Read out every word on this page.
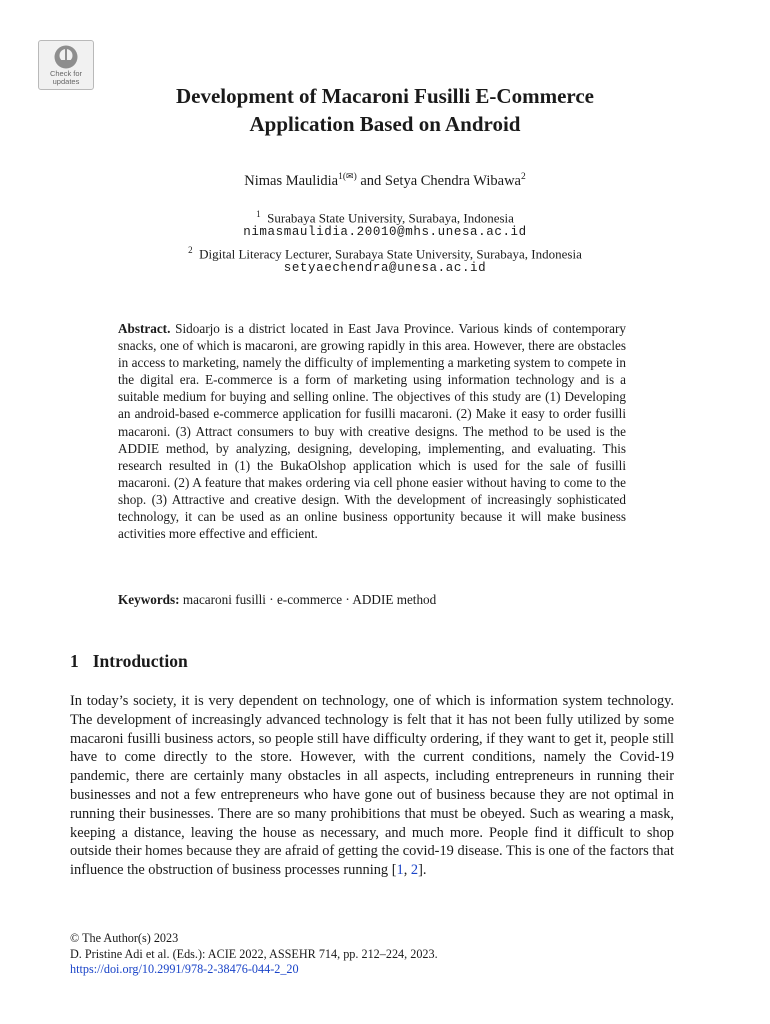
Check for
updates
Development of Macaroni Fusilli E-Commerce
Application Based on Android
Nimas Maulidia$^{1(✉)}$ and Setya Chendra Wibawa$^2$
$^1$ Surabaya State University, Surabaya, Indonesia
nimasmaulidia.20010@mhs.unesa.ac.id
$^2$ Digital Literacy Lecturer, Surabaya State University, Surabaya, Indonesia
setyaechendra@unesa.ac.id
Abstract. Sidoarjo is a district located in East Java Province. Various kinds of contemporary snacks, one of which is macaroni, are growing rapidly in this area. However, there are obstacles in access to marketing, namely the difficulty of implementing a marketing system to compete in the digital era. E-commerce is a form of marketing using information technology and is a suitable medium for buying and selling online. The objectives of this study are (1) Developing an android-based e-commerce application for fusilli macaroni. (2) Make it easy to order fusilli macaroni. (3) Attract consumers to buy with creative designs. The method to be used is the ADDIE method, by analyzing, designing, developing, implementing, and evaluating. This research resulted in (1) the BukaOlshop application which is used for the sale of fusilli macaroni. (2) A feature that makes ordering via cell phone easier without having to come to the shop. (3) Attractive and creative design. With the development of increasingly sophisticated technology, it can be used as an online business opportunity because it will make business activities more effective and efficient.
Keywords: macaroni fusilli · e-commerce · ADDIE method
1 Introduction
In today’s society, it is very dependent on technology, one of which is information system technology. The development of increasingly advanced technology is felt that it has not been fully utilized by some macaroni fusilli business actors, so people still have difficulty ordering, if they want to get it, people still have to come directly to the store. However, with the current conditions, namely the Covid-19 pandemic, there are certainly many obstacles in all aspects, including entrepreneurs in running their businesses and not a few entrepreneurs who have gone out of business because they are not optimal in running their businesses. There are so many prohibitions that must be obeyed. Such as wearing a mask, keeping a distance, leaving the house as necessary, and much more. People find it difficult to shop outside their homes because they are afraid of getting the covid-19 disease. This is one of the factors that influence the obstruction of business processes running [1, 2].
© The Author(s) 2023
D. Pristine Adi et al. (Eds.): ACIE 2022, ASSEHR 714, pp. 212–224, 2023.
https://doi.org/10.2991/978-2-38476-044-2_20
